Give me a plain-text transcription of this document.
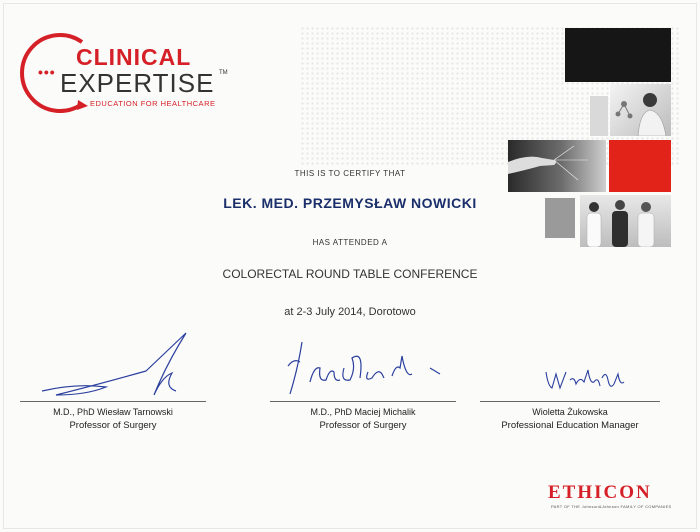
•••
CLINICAL
EXPERTISE TM
EDUCATION FOR HEALTHCARE
THIS IS TO CERTIFY THAT
LEK. MED. PRZEMYSŁAW NOWICKI
HAS ATTENDED A
COLORECTAL ROUND TABLE CONFERENCE
at 2-3 July 2014, Dorotowo
M.D., PhD Wiesław Tarnowski
Professor of Surgery
M.D., PhD Maciej Michalik
Professor of Surgery
Wioletta Żukowska
Professional Education Manager
ETHICON
PART OF THE Johnson&Johnson FAMILY OF COMPANIES
